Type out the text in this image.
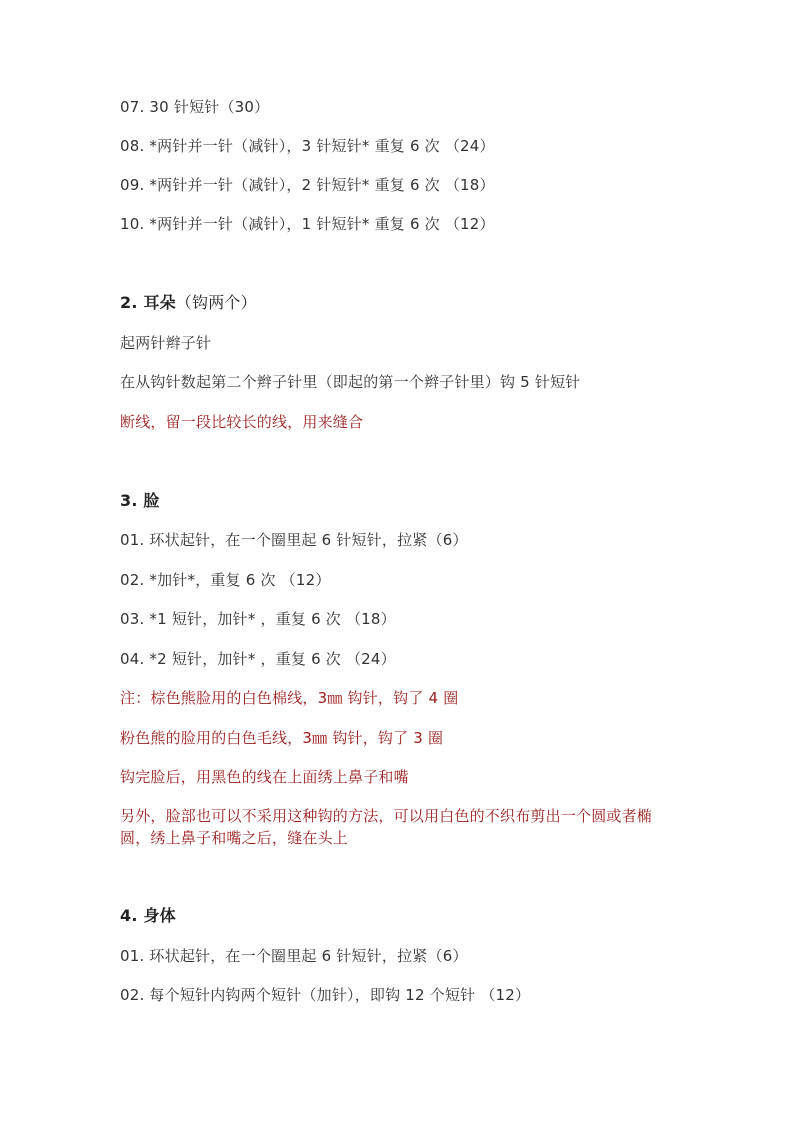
07. 30 针短针（30）
08. *两针并一针（减针），3 针短针* 重复 6 次 （24）
09. *两针并一针（减针），2 针短针* 重复 6 次 （18）
10. *两针并一针（减针），1 针短针* 重复 6 次 （12）
2. 耳朵（钩两个）
起两针辫子针
在从钩针数起第二个辫子针里（即起的第一个辫子针里）钩 5 针短针
断线，留一段比较长的线，用来缝合
3. 脸
01. 环状起针，在一个圈里起 6 针短针，拉紧（6）
02. *加针*，重复 6 次 （12）
03. *1 短针，加针* ，重复 6 次 （18）
04. *2 短针，加针* ，重复 6 次 （24）
注：棕色熊脸用的白色棉线，3㎜ 钩针，钩了 4 圈
粉色熊的脸用的白色毛线，3㎜ 钩针，钩了 3 圈
钩完脸后，用黑色的线在上面绣上鼻子和嘴
另外，脸部也可以不采用这种钩的方法，可以用白色的不织布剪出一个圆或者椭圆，绣上鼻子和嘴之后，缝在头上
4. 身体
01. 环状起针，在一个圈里起 6 针短针，拉紧（6）
02. 每个短针内钩两个短针（加针），即钩 12 个短针 （12）
